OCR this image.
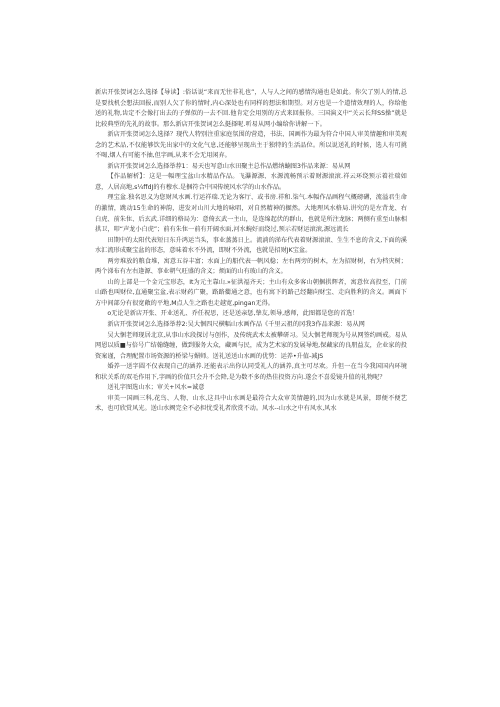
新店开张贺词怎么选择【导读】:俗话说“来而无往非礼也”，人与人之间的感情沟通也是如此。你欠了别人的情,总是要找机会想法回报,而别人欠了你的情时,内心深处也有同样的想法和期望。对方也是一个道情效理的人，你给他送的礼物,齿定不会像打出去的子弹似的一去不回.他肯定会用别的方式来回报你。三国演义中“关云长拜SS操”就是比较典型的先礼的故事。那么新店开张贺词怎么挺择呢.听易从网小编给你讲解一下。

新店开张贺词怎么选择？现代人特别注重家庭氛围的营造，书法、国画作为最为符合中国人审美情趣和审美观念的艺术品,不仅能够饮先出家中的文化气息,还能够呈现出主于独特的生活品位。所以说送礼的时候，选人有可挑不喝,烟人有可能不抽,但字画,从来不会无用闲弃。

新店开张贺词怎么选择举荐1：易天也写意山水田聚主总作品燃纳蝻图3作品来源：易从网

【作品解析】：这是一幅理宝盆山水精品作品。飞瀑源源、水源流畅预示着财源滚滚.祥云环绕预示着社瑞如意，人居高地,s¼ffdJ的有穆水.是捆符合中国传统风水学的山水作品。

理宝盆.独名思义为您财风水画.行运祥瑞.无论为客厅、或书房.祥和.柒气.本幅作品画程气概磅礴，流溢君生命的激情，跳动15生命的神韵，进发对山川大地的咏唱，对自然精神的掘然。大地理风水格局.讲究的是左背龙、右白虎、前朱隹、后玄武.详细的格局为：意倚玄武一主山，是连绵起伏的群山，也就是所注龙脉；两侧有重至山脉相拱卫，叩“声龙小白虎”；前有朱隹一前有开阔水面,河水蜿好而绕过,预示若财运滚滚,源远流长

田期中的太阳代表短日东升鸿运当头，事业蒸蒸日上。流淌的涕布代表着财源滚滚、生生不息的含义,下面的溪水汇流形成聚宝盆的形态，意味着水不外流，即财不外流，也就是招财JK宝盆。

两旁堆放的粮食堆，寓意五谷丰富；水面上的船代表一帆风稳；左右两旁的树木，左为招财树，右为档灾树；两个涕布有左右逢源、事业朝气旺盛的含义；烦面的山有玻山的含义。

山的上部是一个金元宝形态，It为元主靠山.»征洪福齐天；主山有众多客山朝捆拱辉者，寓意位高投至，门前山路也叫财位,直通聚宝盆,表示财药广聚，路路衢通之意，也有寓下的路己经翻向财宝、走向胜利的含义。画面下方中间部分有很宽敞的平地,M点人生之路也走越宽,pingan无得。

o无论是新店开张、开业送礼、乔任祝思，还是送亲惩,挚友,领导,感师，此图都是您的首选！

新店开张贺词怎么选择举荐2:吴大悃四尺横幅山水画作品《千里云祖的冈我3作品来源：易从网

吴大悃老师现居北京,从事山水段探讨与创作，及传统武术太被攀研习。吴大悃老师现为号从网签约画戒。易从网恩以质■与倍号广结翰缝缠，做到服务大众，藏画与民，成为艺术家的发展导地,保藏家的良朋益友，企业家的投资案谨，合理配置市场资源的桥梁与媚师。送礼送送山水画的优势：运养•升值-减JS

婚养一送字圆不仅表现自己的涵养.还能表示出你认同受礼人的涵养,真主可尽欢。升但一在当今我国国内环境和状关系的双毛作用下,字画的价值只会升不会降,是为数不多的热佳投资方向.遂会不喜爱镜升值的礼物呢？

送礼字图选山水；审关+风水=诚意

审美一国画三科,花鸟、人物、山水,这具中山水画是最符合大众审美情趣的,因为山水就是风景，即便不便艺术，也可欣赏风光。送山水阙完全不必担忧受礼者欣赏不动。风水--山水之中有风水,风水
